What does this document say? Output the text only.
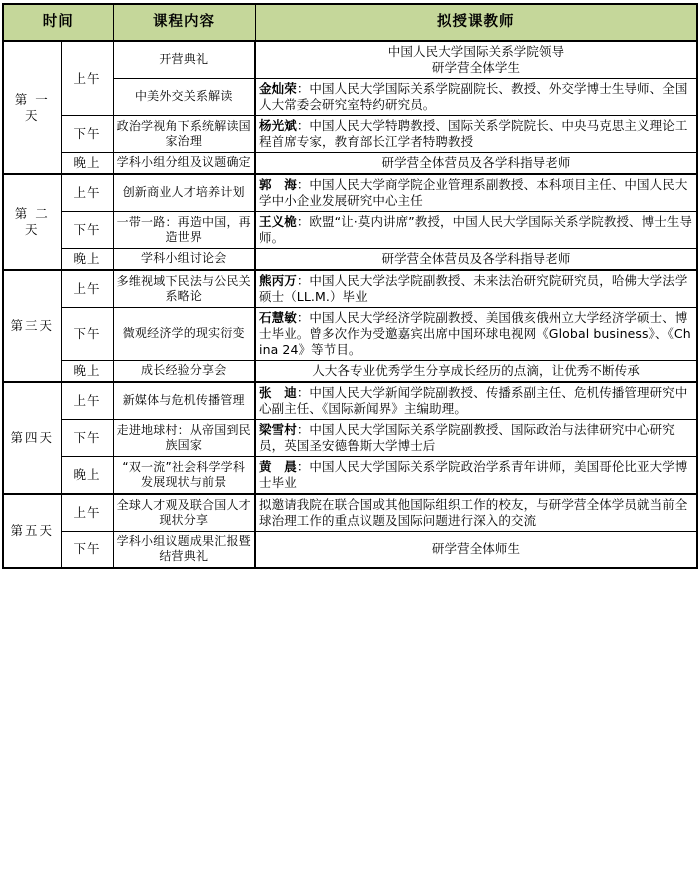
时间		课程内容	拟授课教师
第 一 天	上午	开营典礼	中国人民大学国际关系学院领导
研学营全体学生

		中美外交关系解读	金灿荣：中国人民大学国际关系学院副院长、教授、外交学博士生导师、全国人大常委会研究室特约研究员。
	下午	政治学视角下系统解读国家治理	杨光斌：中国人民大学特聘教授、国际关系学院院长、中央马克思主义理论工程首席专家，教育部长江学者特聘教授
	晚上	学科小组分组及议题确定	研学营全体营员及各学科指导老师
第 二 天	上午	创新商业人才培养计划	郭　海：中国人民大学商学院企业管理系副教授、本科项目主任、中国人民大学中小企业发展研究中心主任
	下午	一带一路：再造中国，再造世界	王义桅：欧盟“让·莫内讲席”教授，中国人民大学国际关系学院教授、博士生导师。
	晚上	学科小组讨论会	研学营全体营员及各学科指导老师
第三天	上午	多维视域下民法与公民关系略论	熊丙万：中国人民大学法学院副教授、未来法治研究院研究员，哈佛大学法学硕士（LL.M.）毕业
	下午	微观经济学的现实衍变	石慧敏：中国人民大学经济学院副教授、美国俄亥俄州立大学经济学硕士、博士毕业。曾多次作为受邀嘉宾出席中国环球电视网《Global business》、《China 24》等节目。
	晚上	成长经验分享会	人大各专业优秀学生分享成长经历的点滴，让优秀不断传承
第四天	上午	新媒体与危机传播管理	张　迪：中国人民大学新闻学院副教授、传播系副主任、危机传播管理研究中心副主任、《国际新闻界》主编助理。
	下午	走进地球村：从帝国到民族国家	梁雪村：中国人民大学国际关系学院副教授、国际政治与法律研究中心研究员，英国圣安德鲁斯大学博士后
	晚上	“双一流”社会科学学科发展现状与前景	黄　晨：中国人民大学国际关系学院政治学系青年讲师，美国哥伦比亚大学博士毕业
第五天	上午	全球人才观及联合国人才现状分享	拟邀请我院在联合国或其他国际组织工作的校友，与研学营全体学员就当前全球治理工作的重点议题及国际问题进行深入的交流
	下午	学科小组议题成果汇报暨结营典礼	研学营全体师生
